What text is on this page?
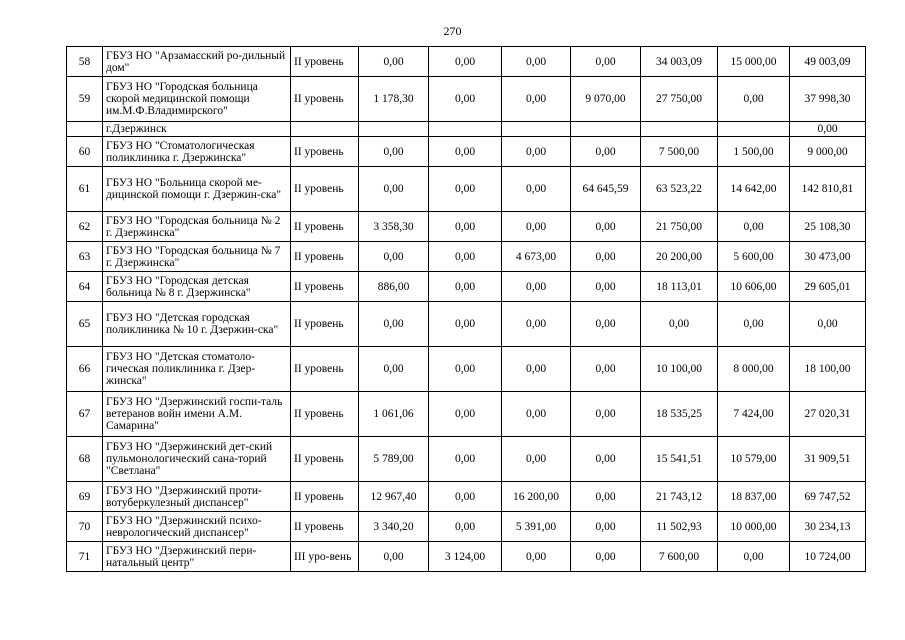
270
58	ГБУЗ НО "Арзамасский ро-дильный дом"	II уровень	0,00	0,00	0,00	0,00	34 003,09	15 000,00	49 003,09
59	ГБУЗ НО "Городская больница скорой медицинской помощи им.М.Ф.Владимирского"	II уровень	1 178,30	0,00	0,00	9 070,00	27 750,00	0,00	37 998,30
	г.Дзержинск								0,00
60	ГБУЗ НО "Стоматологическая поликлиника г. Дзержинска"	II уровень	0,00	0,00	0,00	0,00	7 500,00	1 500,00	9 000,00
61	ГБУЗ НО "Больница скорой ме-дицинской помощи г. Дзержин-ска"	II уровень	0,00	0,00	0,00	64 645,59	63 523,22	14 642,00	142 810,81
62	ГБУЗ НО "Городская больница № 2 г. Дзержинска"	II уровень	3 358,30	0,00	0,00	0,00	21 750,00	0,00	25 108,30
63	ГБУЗ НО "Городская больница № 7 г. Дзержинска"	II уровень	0,00	0,00	4 673,00	0,00	20 200,00	5 600,00	30 473,00
64	ГБУЗ НО "Городская детская больница № 8 г. Дзержинска"	II уровень	886,00	0,00	0,00	0,00	18 113,01	10 606,00	29 605,01
65	ГБУЗ НО "Детская городская поликлиника № 10 г. Дзержин-ска"	II уровень	0,00	0,00	0,00	0,00	0,00	0,00	0,00
66	ГБУЗ НО "Детская стоматоло-гическая поликлиника г. Дзер-жинска"	II уровень	0,00	0,00	0,00	0,00	10 100,00	8 000,00	18 100,00
67	ГБУЗ НО "Дзержинский госпи-таль ветеранов войн имени А.М. Самарина"	II уровень	1 061,06	0,00	0,00	0,00	18 535,25	7 424,00	27 020,31
68	ГБУЗ НО "Дзержинский дет-ский пульмонологический сана-торий "Светлана"	II уровень	5 789,00	0,00	0,00	0,00	15 541,51	10 579,00	31 909,51
69	ГБУЗ НО "Дзержинский проти-вотуберкулезный диспансер"	II уровень	12 967,40	0,00	16 200,00	0,00	21 743,12	18 837,00	69 747,52
70	ГБУЗ НО "Дзержинский психо-неврологический диспансер"	II уровень	3 340,20	0,00	5 391,00	0,00	11 502,93	10 000,00	30 234,13
71	ГБУЗ НО "Дзержинский пери-натальный центр"	III уро-вень	0,00	3 124,00	0,00	0,00	7 600,00	0,00	10 724,00
